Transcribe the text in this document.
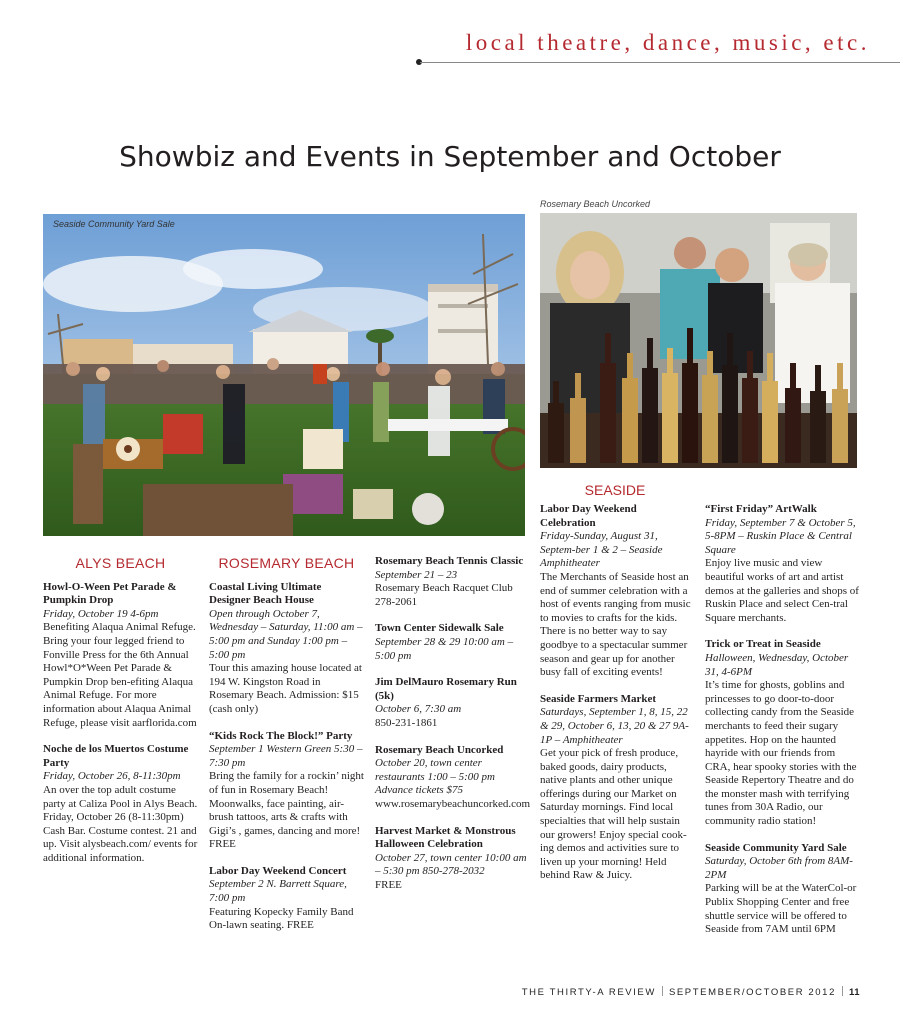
local theatre, dance, music, etc.
Showbiz and Events in September and October
Seaside Community Yard Sale
Rosemary Beach Uncorked
ALYS BEACH
Howl-O-Ween Pet Parade & Pumpkin Drop
Friday, October 19 4-6pm
Benefiting Alaqua Animal Refuge. Bring your four legged friend to Fonville Press for the 6th Annual Howl*O*Ween Pet Parade & Pumpkin Drop ben-efiting Alaqua Animal Refuge. For more information about Alaqua Animal Refuge, please visit aarflorida.com
Noche de los Muertos Costume Party
Friday, October 26, 8-11:30pm
An over the top adult costume party at Caliza Pool in Alys Beach. Friday, October 26 (8-11:30pm) Cash Bar. Costume contest. 21 and up. Visit alysbeach.com/ events for additional information.
ROSEMARY BEACH
Coastal Living Ultimate Designer Beach House
Open through October 7, Wednesday – Saturday, 11:00 am – 5:00 pm and Sunday 1:00 pm – 5:00 pm
Tour this amazing house located at 194 W. Kingston Road in Rosemary Beach. Admission: $15 (cash only)
“Kids Rock The Block!” Party
September 1 Western Green 5:30 – 7:30 pm
Bring the family for a rockin’ night of fun in Rosemary Beach! Moonwalks, face painting, air-brush tattoos, arts & crafts with Gigi’s , games, dancing and more! FREE
Labor Day Weekend Concert
September 2 N. Barrett Square, 7:00 pm
Featuring Kopecky Family Band On-lawn seating. FREE
Rosemary Beach Tennis Classic
September 21 – 23
Rosemary Beach Racquet Club 278-2061
Town Center Sidewalk Sale
September 28 & 29 10:00 am – 5:00 pm
Jim DelMauro Rosemary Run (5k)
October 6, 7:30 am
850-231-1861
Rosemary Beach Uncorked
October 20, town center restaurants 1:00 – 5:00 pm Advance tickets $75
www.rosemarybeachuncorked.com
Harvest Market & Monstrous Halloween Celebration
October 27, town center 10:00 am – 5:30 pm 850-278-2032
FREE
SEASIDE
Labor Day Weekend Celebration
Friday-Sunday, August 31, Septem-ber 1 & 2 – Seaside Amphitheater
The Merchants of Seaside host an end of summer celebration with a host of events ranging from music to movies to crafts for the kids. There is no better way to say goodbye to a spectacular summer season and gear up for another busy fall of exciting events!
Seaside Farmers Market
Saturdays, September 1, 8, 15, 22 & 29, October 6, 13, 20 & 27 9A-1P – Amphitheater
Get your pick of fresh produce, baked goods, dairy products, native plants and other unique offerings during our Market on Saturday mornings. Find local specialties that will help sustain our growers! Enjoy special cook-ing demos and activities sure to liven up your morning! Held behind Raw & Juicy.
“First Friday” ArtWalk
Friday, September 7 & October 5, 5-8PM – Ruskin Place & Central Square
Enjoy live music and view beautiful works of art and artist demos at the galleries and shops of Ruskin Place and select Cen-tral Square merchants.
Trick or Treat in Seaside
Halloween, Wednesday, October 31, 4-6PM
It’s time for ghosts, goblins and princesses to go door-to-door collecting candy from the Seaside merchants to feed their sugary appetites. Hop on the haunted hayride with our friends from CRA, hear spooky stories with the Seaside Repertory Theatre and do the monster mash with terrifying tunes from 30A Radio, our community radio station!
Seaside Community Yard Sale
Saturday, October 6th from 8AM-2PM
Parking will be at the WaterCol-or Publix Shopping Center and free shuttle service will be offered to Seaside from 7AM until 6PM
THE THIRTY-A REVIEW SEPTEMBER/OCTOBER 2012 11
